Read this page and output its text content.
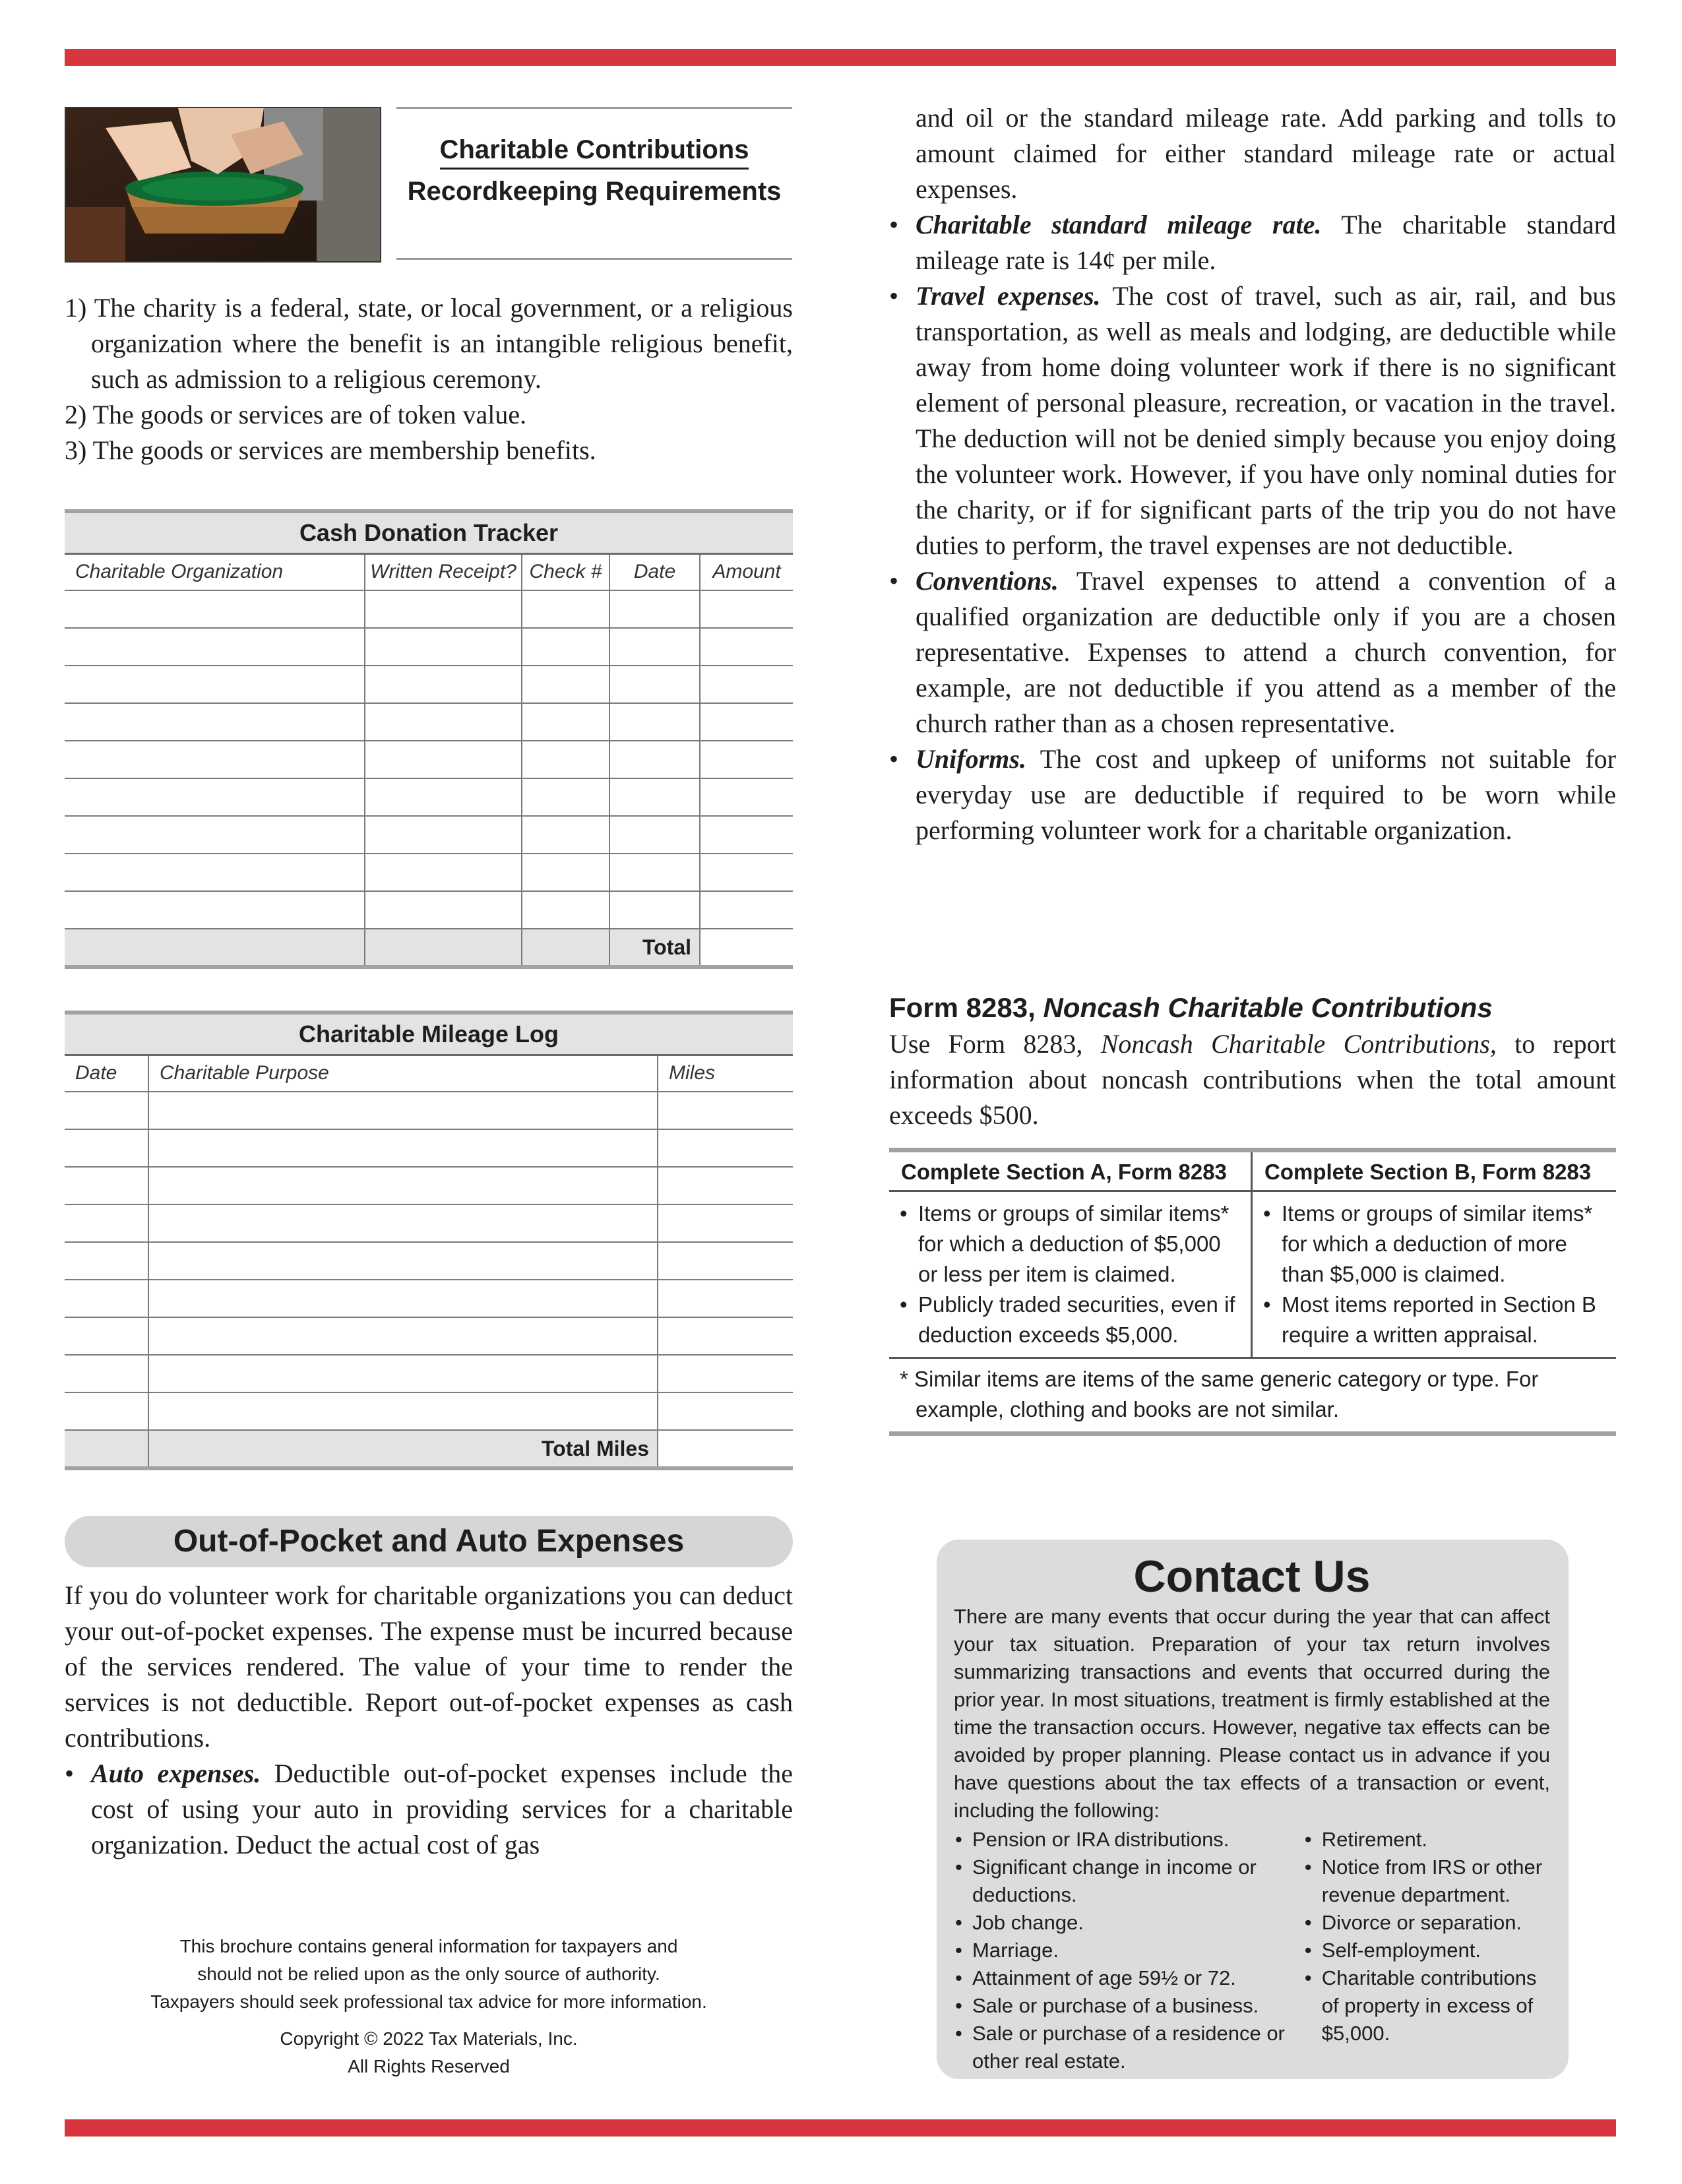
Charitable Contributions
Recordkeeping Requirements
1) The charity is a federal, state, or local government, or a religious organization where the benefit is an intangible religious benefit, such as admission to a religious ceremony.
2) The goods or services are of token value.
3) The goods or services are membership benefits.
Cash Donation Tracker				
Charitable Organization	Written Receipt?	Check #	Date	Amount

			Total	
Charitable Mileage Log		
Date	Charitable Purpose	Miles

	Total Miles	
Out-of-Pocket and Auto Expenses

If you do volunteer work for charitable organizations you can deduct your out-of-pocket expenses. The expense must be incurred because of the services rendered. The value of your time to render the services is not deductible. Report out-of-pocket expenses as cash contributions.

• Auto expenses. Deductible out-of-pocket expenses include the cost of using your auto in providing services for a charitable organization. Deduct the actual cost of gas

This brochure contains general information for taxpayers and
should not be relied upon as the only source of authority.
Taxpayers should seek professional tax advice for more information.
Copyright © 2022 Tax Materials, Inc.
All Rights Reserved

and oil or the standard mileage rate. Add parking and tolls to amount claimed for either standard mileage rate or actual expenses.

• Charitable standard mileage rate. The charitable standard mileage rate is 14¢ per mile.

• Travel expenses. The cost of travel, such as air, rail, and bus transportation, as well as meals and lodging, are deductible while away from home doing volunteer work if there is no significant element of personal pleasure, recreation, or vacation in the travel. The deduction will not be denied simply because you enjoy doing the volunteer work. However, if you have only nominal duties for the charity, or if for significant parts of the trip you do not have duties to perform, the travel expenses are not deductible.

• Conventions. Travel expenses to attend a convention of a qualified organization are deductible only if you are a chosen representative. Expenses to attend a church convention, for example, are not deductible if you attend as a member of the church rather than as a chosen representative.

• Uniforms. The cost and upkeep of uniforms not suitable for everyday use are deductible if required to be worn while performing volunteer work for a charitable organization.

Form 8283, Noncash Charitable Contributions

Use Form 8283, Noncash Charitable Contributions, to report information about noncash contributions when the total amount exceeds $500.

Complete Section A, Form 8283
• Items or groups of similar items* for which a deduction of $5,000 or less per item is claimed.
• Publicly traded securities, even if deduction exceeds $5,000.
Complete Section B, Form 8283
• Items or groups of similar items* for which a deduction of more than $5,000 is claimed.
• Most items reported in Section B require a written appraisal.
* Similar items are items of the same generic category or type. For example, clothing and books are not similar.
Contact Us

There are many events that occur during the year that can affect your tax situation. Preparation of your tax return involves summarizing transactions and events that occurred during the prior year. In most situations, treatment is firmly established at the time the transaction occurs. However, negative tax effects can be avoided by proper planning. Please contact us in advance if you have questions about the tax effects of a transaction or event, including the following:

• Pension or IRA distributions.
• Significant change in income or deductions.
• Job change.
• Marriage.
• Attainment of age 59½ or 72.
• Sale or purchase of a business.
• Sale or purchase of a residence or other real estate.
• Retirement.
• Notice from IRS or other revenue department.
• Divorce or separation.
• Self-employment.
• Charitable contributions of property in excess of $5,000.
